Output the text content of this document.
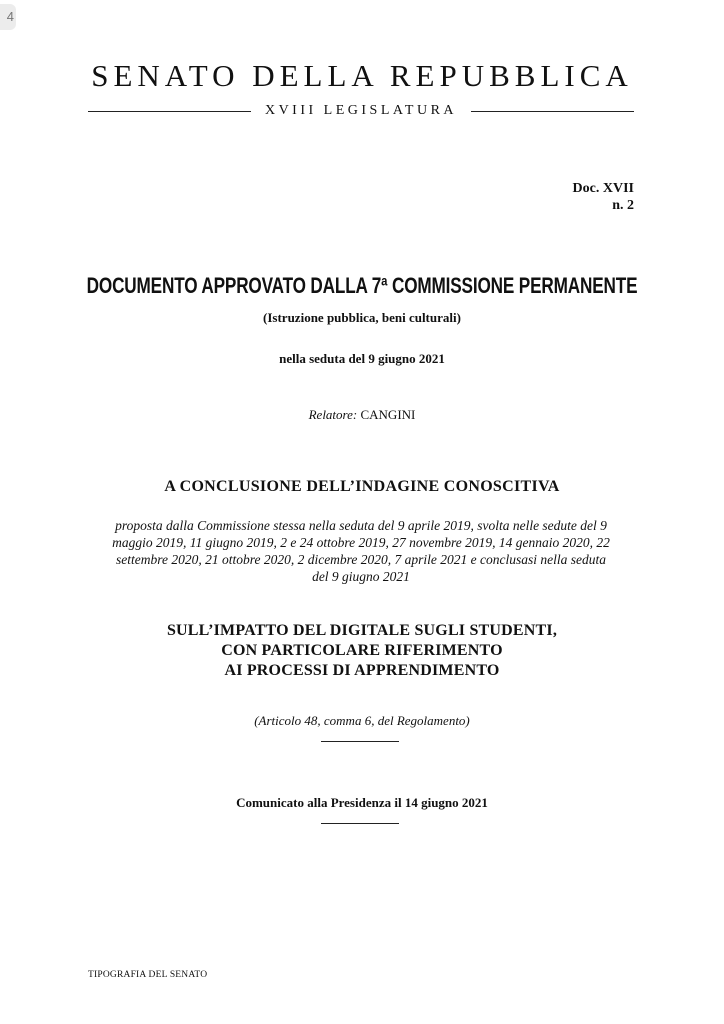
4
SENATO DELLA REPUBBLICA
XVIII LEGISLATURA
Doc. XVII
n. 2
DOCUMENTO APPROVATO DALLA 7ª COMMISSIONE PERMANENTE
(Istruzione pubblica, beni culturali)
nella seduta del 9 giugno 2021
Relatore: CANGINI
A CONCLUSIONE DELL’INDAGINE CONOSCITIVA
proposta dalla Commissione stessa nella seduta del 9 aprile 2019, svolta nelle sedute del 9
maggio 2019, 11 giugno 2019, 2 e 24 ottobre 2019, 27 novembre 2019, 14 gennaio 2020, 22
settembre 2020, 21 ottobre 2020, 2 dicembre 2020, 7 aprile 2021 e conclusasi nella seduta
del 9 giugno 2021
SULL’IMPATTO DEL DIGITALE SUGLI STUDENTI,
CON PARTICOLARE RIFERIMENTO
AI PROCESSI DI APPRENDIMENTO
(Articolo 48, comma 6, del Regolamento)
Comunicato alla Presidenza il 14 giugno 2021
TIPOGRAFIA DEL SENATO
